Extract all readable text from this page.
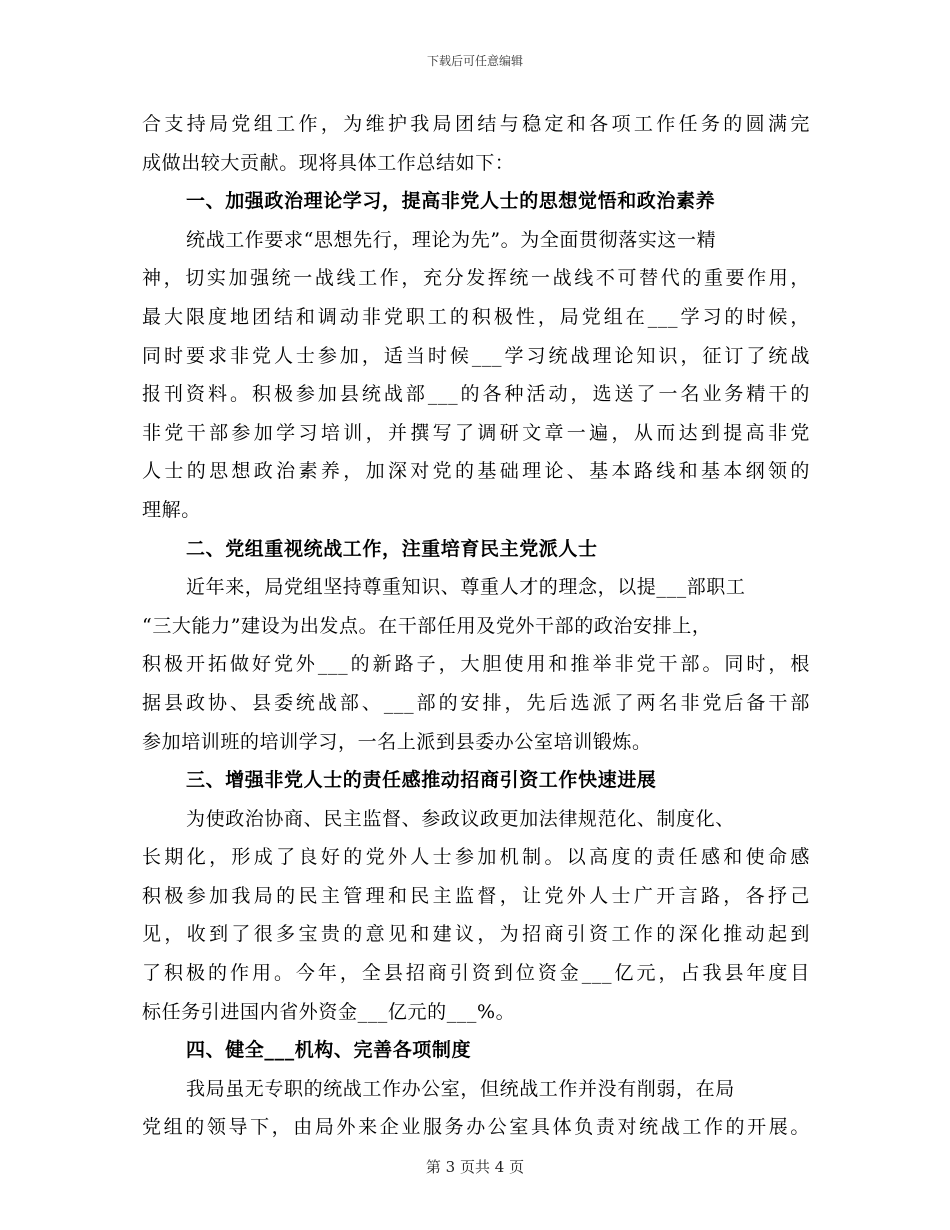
下载后可任意编辑
合支持局党组工作，为维护我局团结与稳定和各项工作任务的圆满完
成做出较大贡献。现将具体工作总结如下：
一、加强政治理论学习，提高非党人士的思想觉悟和政治素养
统战工作要求“思想先行，理论为先”。为全面贯彻落实这一精
神，切实加强统一战线工作，充分发挥统一战线不可替代的重要作用，
最大限度地团结和调动非党职工的积极性，局党组在___学习的时候，
同时要求非党人士参加，适当时候___学习统战理论知识，征订了统战
报刊资料。积极参加县统战部___的各种活动，选送了一名业务精干的
非党干部参加学习培训，并撰写了调研文章一遍，从而达到提高非党
人士的思想政治素养，加深对党的基础理论、基本路线和基本纲领的
理解。
二、党组重视统战工作，注重培育民主党派人士
近年来，局党组坚持尊重知识、尊重人才的理念，以提___部职工
“三大能力”建设为出发点。在干部任用及党外干部的政治安排上，
积极开拓做好党外___的新路子，大胆使用和推举非党干部。同时，根
据县政协、县委统战部、___部的安排，先后选派了两名非党后备干部
参加培训班的培训学习，一名上派到县委办公室培训锻炼。
三、增强非党人士的责任感推动招商引资工作快速进展
为使政治协商、民主监督、参政议政更加法律规范化、制度化、
长期化，形成了良好的党外人士参加机制。以高度的责任感和使命感
积极参加我局的民主管理和民主监督，让党外人士广开言路，各抒己
见，收到了很多宝贵的意见和建议，为招商引资工作的深化推动起到
了积极的作用。今年，全县招商引资到位资金___亿元，占我县年度目
标任务引进国内省外资金___亿元的___%。
四、健全___机构、完善各项制度
我局虽无专职的统战工作办公室，但统战工作并没有削弱，在局
党组的领导下，由局外来企业服务办公室具体负责对统战工作的开展。
第 3 页共 4 页
